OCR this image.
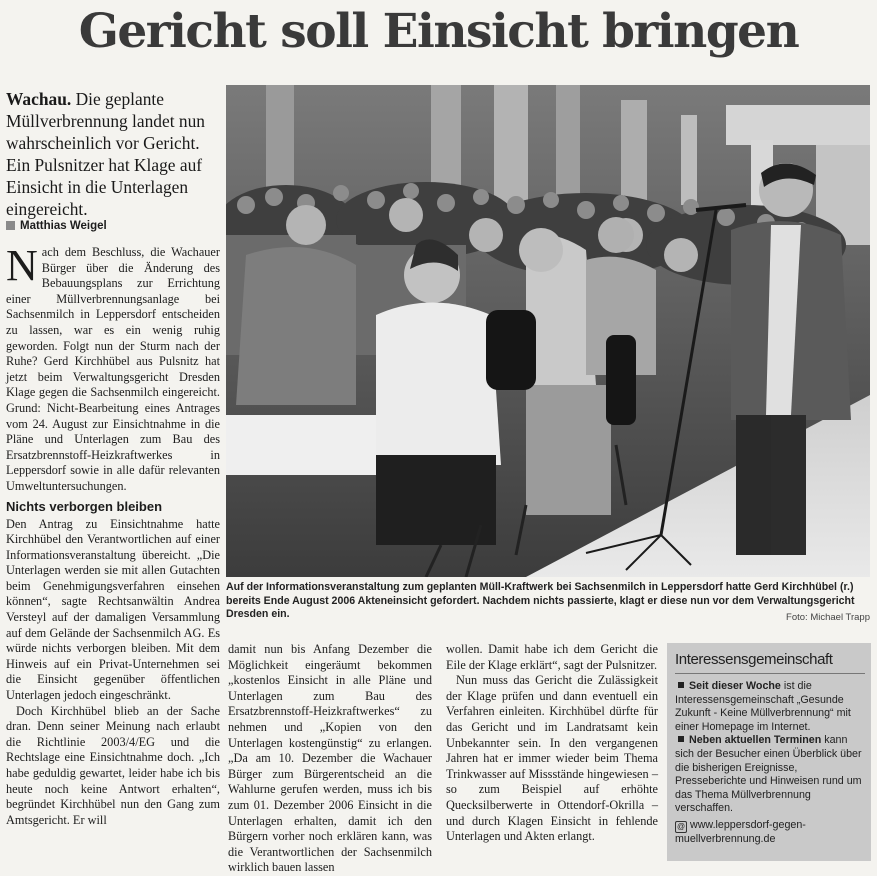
Gericht soll Einsicht bringen
Wachau. Die geplante Müllverbrennung landet nun wahrscheinlich vor Gericht. Ein Pulsnitzer hat Klage auf Einsicht in die Unterlagen eingereicht.
Matthias Weigel

Nach dem Beschluss, die Wachauer Bürger über die Änderung des Bebauungsplans zur Errichtung einer Müllverbrennungsanlage bei Sachsenmilch in Leppersdorf entscheiden zu lassen, war es ein wenig ruhig geworden. Folgt nun der Sturm nach der Ruhe? Gerd Kirchhübel aus Pulsnitz hat jetzt beim Verwaltungsgericht Dresden Klage gegen die Sachsenmilch eingereicht. Grund: Nicht-Bearbeitung eines Antrages vom 24. August zur Einsichtnahme in die Pläne und Unterlagen zum Bau des Ersatzbrennstoff-Heizkraftwerkes in Leppersdorf sowie in alle dafür relevanten Umweltuntersuchungen.

Nichts verborgen bleiben

Den Antrag zu Einsichtnahme hatte Kirchhübel den Verantwortlichen auf einer Informationsveranstaltung übereicht. „Die Unterlagen werden sie mit allen Gutachten beim Genehmigungsverfahren einsehen können“, sagte Rechtsanwältin Andrea Versteyl auf der damaligen Versammlung auf dem Gelände der Sachsenmilch AG. Es würde nichts verborgen bleiben. Mit dem Hinweis auf ein Privat-Unternehmen sei die Einsicht gegenüber öffentlichen Unterlagen jedoch eingeschränkt.

Doch Kirchhübel blieb an der Sache dran. Denn seiner Meinung nach erlaubt die Richtlinie 2003/4/EG und die Rechtslage eine Einsichtnahme doch. „Ich habe geduldig gewartet, leider habe ich bis heute noch keine Antwort erhalten“, begründet Kirchhübel nun den Gang zum Amtsgericht. Er will

Auf der Informationsveranstaltung zum geplanten Müll-Kraftwerk bei Sachsenmilch in Leppersdorf hatte Gerd Kirchhübel (r.) bereits Ende August 2006 Akteneinsicht gefordert. Nachdem nichts passierte, klagt er diese nun vor dem Verwaltungsgericht Dresden ein.	Foto: Michael Trapp

damit nun bis Anfang Dezember die Möglichkeit eingeräumt bekommen „kostenlos Einsicht in alle Pläne und Unterlagen zum Bau des Ersatzbrennstoff-Heizkraftwerkes“ zu nehmen und „Kopien von den Unterlagen kostengünstig“ zu erlangen. „Da am 10. Dezember die Wachauer Bürger zum Bürgerentscheid an die Wahlurne gerufen werden, muss ich bis zum 01. Dezember 2006 Einsicht in die Unterlagen erhalten, damit ich den Bürgern vorher noch erklären kann, was die Verantwortlichen der Sachsenmilch wirklich bauen lassen

wollen. Damit habe ich dem Gericht die Eile der Klage erklärt“, sagt der Pulsnitzer.

Nun muss das Gericht die Zulässigkeit der Klage prüfen und dann eventuell ein Verfahren einleiten. Kirchhübel dürfte für das Gericht und im Landratsamt kein Unbekannter sein. In den vergangenen Jahren hat er immer wieder beim Thema Trinkwasser auf Missstände hingewiesen – so zum Beispiel auf erhöhte Quecksilberwerte in Ottendorf-Okrilla – und durch Klagen Einsicht in fehlende Unterlagen und Akten erlangt.

Interessensgemeinschaft
Seit dieser Woche ist die Interessensgemeinschaft „Gesunde Zukunft - Keine Müllverbrennung“ mit einer Homepage im Internet.
Neben aktuellen Terminen kann sich der Besucher einen Überblick über die bisherigen Ereignisse, Presseberichte und Hinweisen rund um das Thema Müllverbrennung verschaffen.
@ www.leppersdorf-gegen-muellverbrennung.de
